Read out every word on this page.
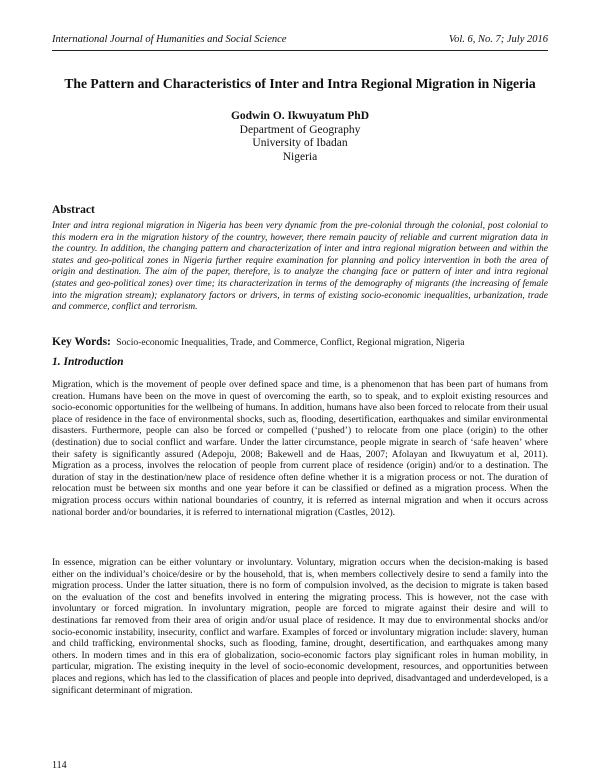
International Journal of Humanities and Social Science	Vol. 6, No. 7; July 2016
The Pattern and Characteristics of Inter and Intra Regional Migration in Nigeria
Godwin O. Ikwuyatum PhD
Department of Geography
University of Ibadan
Nigeria
Abstract
Inter and intra regional migration in Nigeria has been very dynamic from the pre-colonial through the colonial, post colonial to this modern era in the migration history of the country, however, there remain paucity of reliable and current migration data in the country. In addition, the changing pattern and characterization of inter and intra regional migration between and within the states and geo-political zones in Nigeria further require examination for planning and policy intervention in both the area of origin and destination. The aim of the paper, therefore, is to analyze the changing face or pattern of inter and intra regional (states and geo-political zones) over time; its characterization in terms of the demography of migrants (the increasing of female into the migration stream); explanatory factors or drivers, in terms of existing socio-economic inequalities, urbanization, trade and commerce, conflict and terrorism.
Key Words: Socio-economic Inequalities, Trade, and Commerce, Conflict, Regional migration, Nigeria
1. Introduction
Migration, which is the movement of people over defined space and time, is a phenomenon that has been part of humans from creation. Humans have been on the move in quest of overcoming the earth, so to speak, and to exploit existing resources and socio-economic opportunities for the wellbeing of humans. In addition, humans have also been forced to relocate from their usual place of residence in the face of environmental shocks, such as, flooding, desertification, earthquakes and similar environmental disasters. Furthermore, people can also be forced or compelled (‘pushed’) to relocate from one place (origin) to the other (destination) due to social conflict and warfare. Under the latter circumstance, people migrate in search of ‘safe heaven’ where their safety is significantly assured (Adepoju, 2008; Bakewell and de Haas, 2007; Afolayan and Ikwuyatum et al, 2011). Migration as a process, involves the relocation of people from current place of residence (origin) and/or to a destination. The duration of stay in the destination/new place of residence often define whether it is a migration process or not. The duration of relocation must be between six months and one year before it can be classified or defined as a migration process. When the migration process occurs within national boundaries of country, it is referred as internal migration and when it occurs across national border and/or boundaries, it is referred to international migration (Castles, 2012).
In essence, migration can be either voluntary or involuntary. Voluntary, migration occurs when the decision-making is based either on the individual’s choice/desire or by the household, that is, when members collectively desire to send a family into the migration process. Under the latter situation, there is no form of compulsion involved, as the decision to migrate is taken based on the evaluation of the cost and benefits involved in entering the migrating process. This is however, not the case with involuntary or forced migration. In involuntary migration, people are forced to migrate against their desire and will to destinations far removed from their area of origin and/or usual place of residence. It may due to environmental shocks and/or socio-economic instability, insecurity, conflict and warfare. Examples of forced or involuntary migration include: slavery, human and child trafficking, environmental shocks, such as flooding, famine, drought, desertification, and earthquakes among many others. In modern times and in this era of globalization, socio-economic factors play significant roles in human mobility, in particular, migration. The existing inequity in the level of socio-economic development, resources, and opportunities between places and regions, which has led to the classification of places and people into deprived, disadvantaged and underdeveloped, is a significant determinant of migration.
114
